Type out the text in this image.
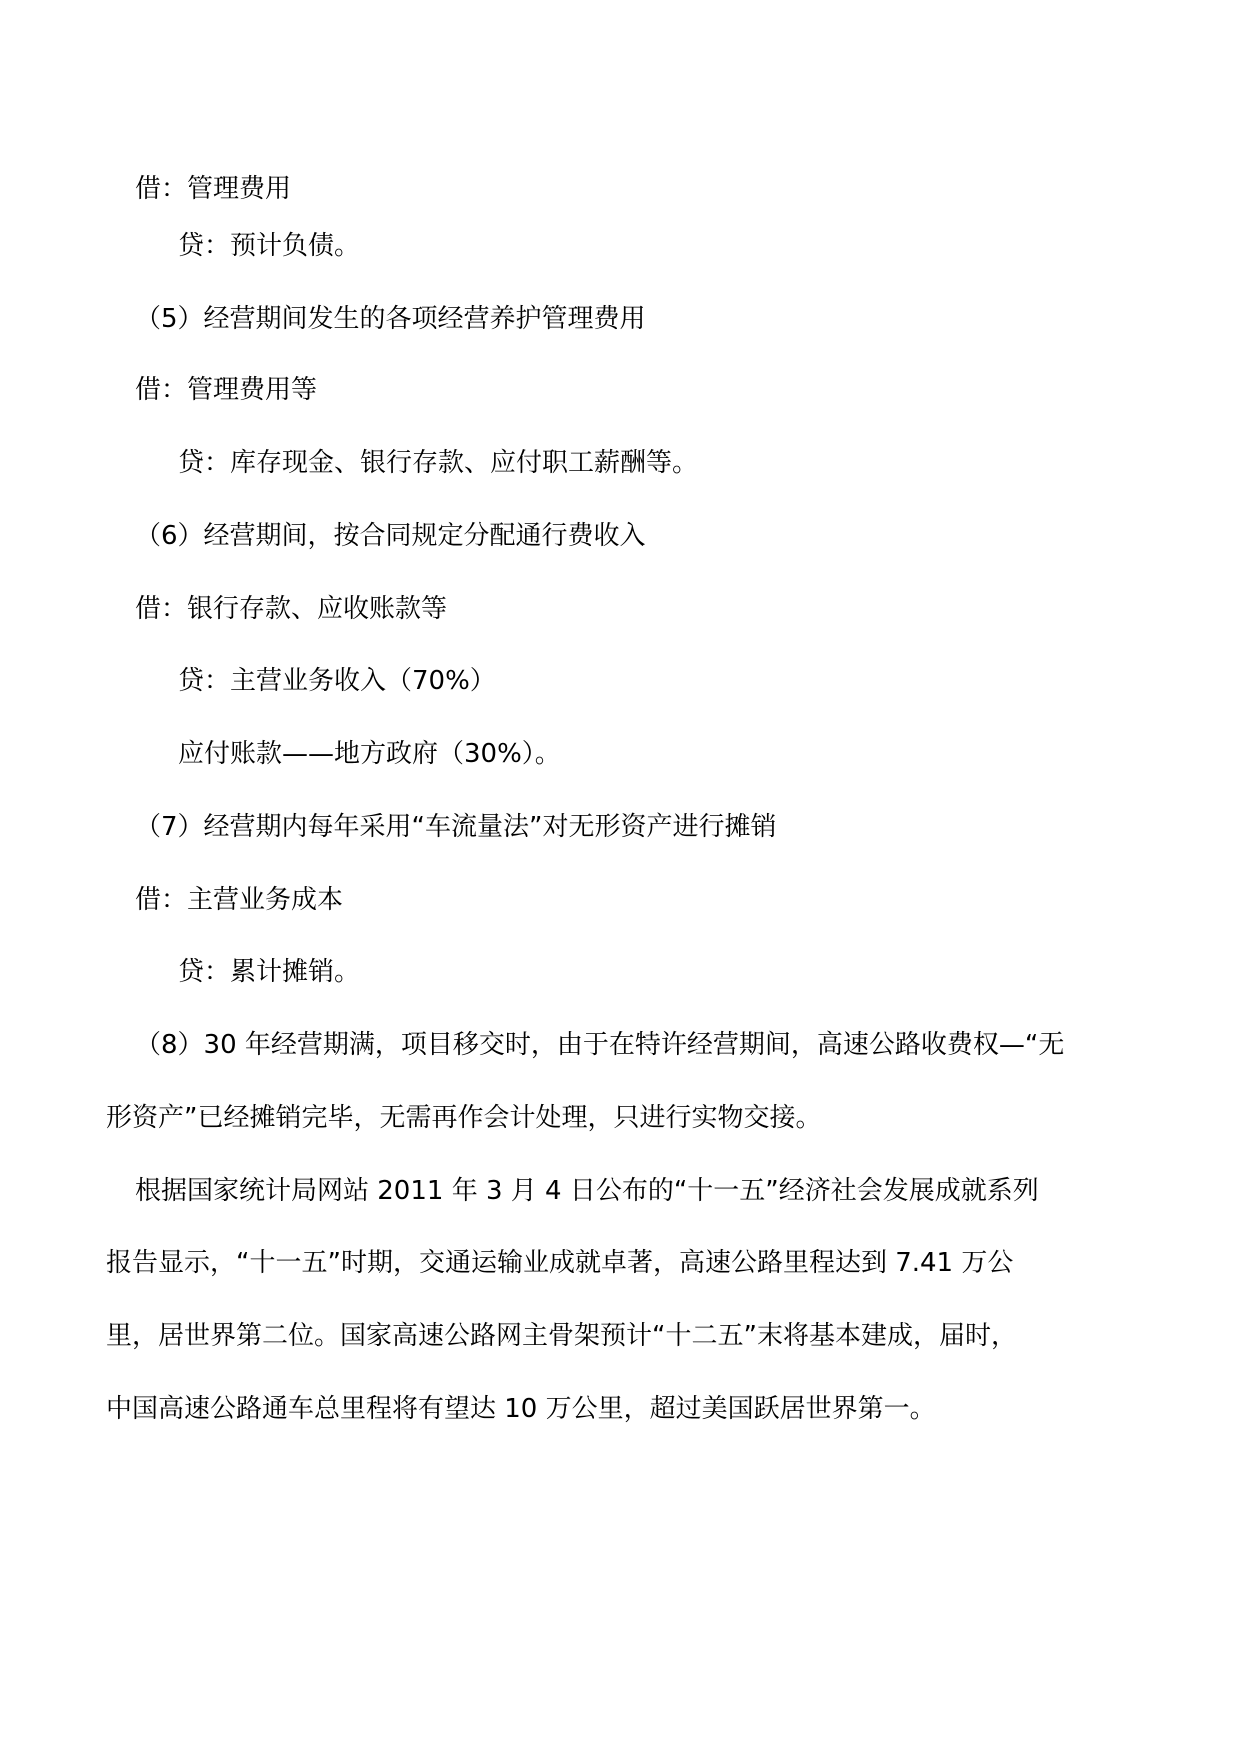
借：管理费用
贷：预计负债。
（5）经营期间发生的各项经营养护管理费用
借：管理费用等
贷：库存现金、银行存款、应付职工薪酬等。
（6）经营期间，按合同规定分配通行费收入
借：银行存款、应收账款等
贷：主营业务收入（70%）
应付账款——地方政府（30%）。
（7）经营期内每年采用“车流量法”对无形资产进行摊销
借：主营业务成本
贷：累计摊销。
（8）30 年经营期满，项目移交时，由于在特许经营期间，高速公路收费权—“无
形资产”已经摊销完毕，无需再作会计处理，只进行实物交接。
根据国家统计局网站 2011 年 3 月 4 日公布的“十一五”经济社会发展成就系列
报告显示，“十一五”时期，交通运输业成就卓著，高速公路里程达到 7.41 万公
里，居世界第二位。国家高速公路网主骨架预计“十二五”末将基本建成，届时，
中国高速公路通车总里程将有望达 10 万公里，超过美国跃居世界第一。
